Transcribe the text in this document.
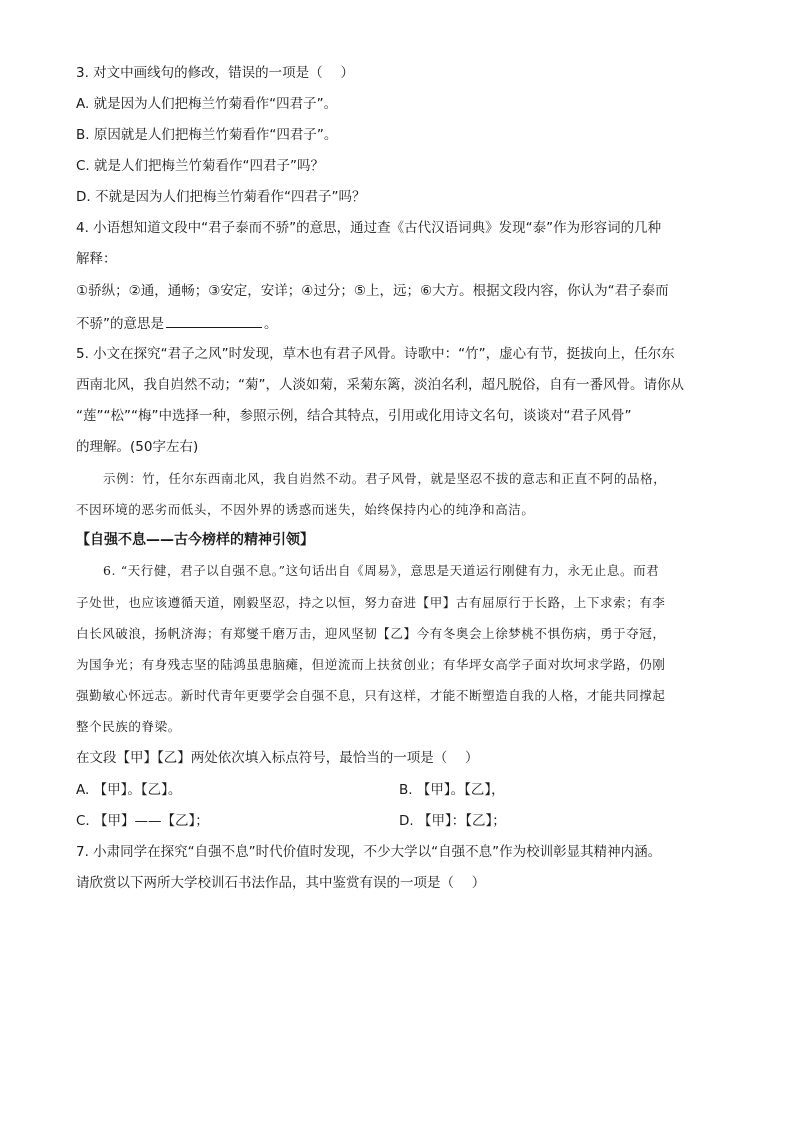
3. 对文中画线句的修改，错误的一项是（　 ）
A. 就是因为人们把梅兰竹菊看作“四君子”。
B. 原因就是人们把梅兰竹菊看作“四君子”。
C. 就是人们把梅兰竹菊看作“四君子”吗？
D. 不就是因为人们把梅兰竹菊看作“四君子”吗？
4. 小语想知道文段中“君子泰而不骄”的意思，通过查《古代汉语词典》发现“泰”作为形容词的几种
解释：
①骄纵；②通，通畅；③安定，安详；④过分；⑤上，远；⑥大方。根据文段内容，你认为“君子泰而
不骄”的意思是	。
5. 小文在探究“君子之风”时发现，草木也有君子风骨。诗歌中：“竹”，虚心有节，挺拔向上，任尔东
西南北风，我自岿然不动；“菊”，人淡如菊，采菊东篱，淡泊名利，超凡脱俗，自有一番风骨。请你从
“莲”“松”“梅”中选择一种，参照示例，结合其特点，引用或化用诗文名句，谈谈对“君子风骨”
的理解。(50字左右)
示例：竹，任尔东西南北风，我自岿然不动。君子风骨，就是坚忍不拔的意志和正直不阿的品格，
不因环境的恶劣而低头，不因外界的诱惑而迷失，始终保持内心的纯净和高洁。
【自强不息——古今榜样的精神引领】
6. “天行健，君子以自强不息。”这句话出自《周易》，意思是天道运行刚健有力，永无止息。而君
子处世，也应该遵循天道，刚毅坚忍，持之以恒，努力奋进【甲】古有屈原行于长路，上下求索；有李
白长风破浪，扬帆济海；有郑燮千磨万击，迎风坚韧【乙】今有冬奥会上徐梦桃不惧伤病，勇于夺冠，
为国争光；有身残志坚的陆鸿虽患脑瘫，但逆流而上扶贫创业；有华坪女高学子面对坎坷求学路，仍刚
强勤敏心怀远志。新时代青年更要学会自强不息，只有这样，才能不断塑造自我的人格，才能共同撑起
整个民族的脊梁。
在文段【甲】【乙】两处依次填入标点符号，最恰当的一项是（　 ）
A. 【甲】。【乙】。	B. 【甲】。【乙】，
C. 【甲】——【乙】；	D. 【甲】：【乙】；
7. 小肃同学在探究“自强不息”时代价值时发现，不少大学以“自强不息”作为校训彰显其精神内涵。
请欣赏以下两所大学校训石书法作品，其中鉴赏有误的一项是（　 ）
